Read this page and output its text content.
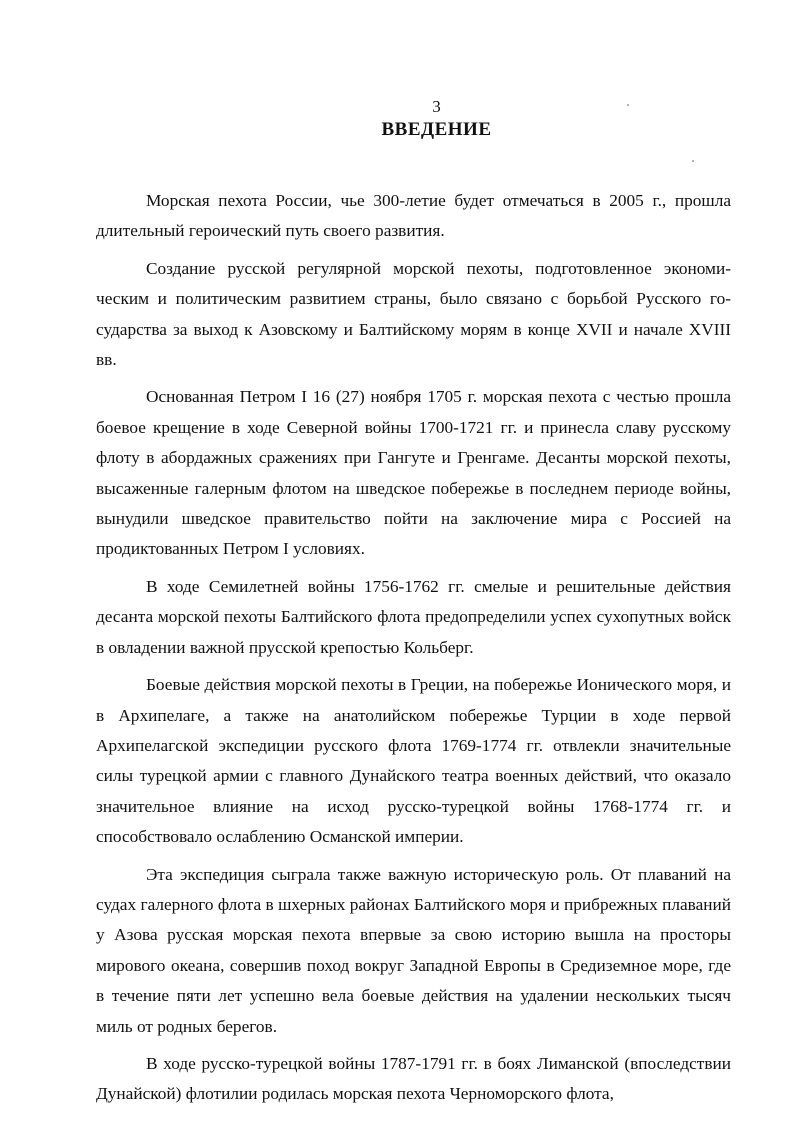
3
ВВЕДЕНИЕ

Морская пехота России, чье 300-летие будет отмечаться в 2005 г., прошла длительный героический путь своего развития.

Создание русской регулярной морской пехоты, подготовленное экономическим и политическим развитием страны, было связано с борьбой Русского государства за выход к Азовскому и Балтийскому морям в конце XVII и начале XVIII вв.

Основанная Петром I 16 (27) ноября 1705 г. морская пехота с честью прошла боевое крещение в ходе Северной войны 1700-1721 гг. и принесла славу русскому флоту в абордажных сражениях при Гангуте и Гренгаме. Десанты морской пехоты, высаженные галерным флотом на шведское побережье в последнем периоде войны, вынудили шведское правительство пойти на заключение мира с Россией на продиктованных Петром I условиях.

В ходе Семилетней войны 1756-1762 гг. смелые и решительные действия десанта морской пехоты Балтийского флота предопределили успех сухопутных войск в овладении важной прусской крепостью Кольберг.

Боевые действия морской пехоты в Греции, на побережье Ионического моря, и в Архипелаге, а также на анатолийском побережье Турции в ходе первой Архипелагской экспедиции русского флота 1769-1774 гг. отвлекли значительные силы турецкой армии с главного Дунайского театра военных действий, что оказало значительное влияние на исход русско-турецкой войны 1768-1774 гг. и способствовало ослаблению Османской империи.

Эта экспедиция сыграла также важную историческую роль. От плаваний на судах галерного флота в шхерных районах Балтийского моря и прибрежных плаваний у Азова русская морская пехота впервые за свою историю вышла на просторы мирового океана, совершив поход вокруг Западной Европы в Средиземное море, где в течение пяти лет успешно вела боевые действия на удалении нескольких тысяч миль от родных берегов.

В ходе русско-турецкой войны 1787-1791 гг. в боях Лиманской (впоследствии Дунайской) флотилии родилась морская пехота Черноморского флота,
